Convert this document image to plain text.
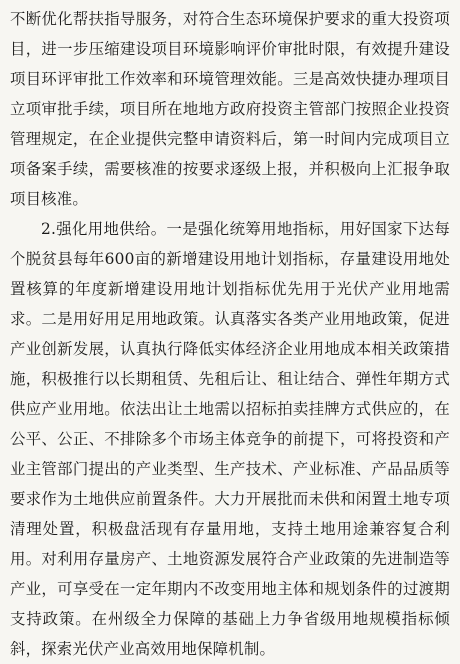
不断优化帮扶指导服务，对符合生态环境保护要求的重大投资项目，进一步压缩建设项目环境影响评价审批时限，有效提升建设项目环评审批工作效率和环境管理效能。三是高效快捷办理项目立项审批手续，项目所在地地方政府投资主管部门按照企业投资管理规定，在企业提供完整申请资料后，第一时间内完成项目立项备案手续，需要核准的按要求逐级上报，并积极向上汇报争取项目核准。

2.强化用地供给。一是强化统筹用地指标，用好国家下达每个脱贫县每年600亩的新增建设用地计划指标，存量建设用地处置核算的年度新增建设用地计划指标优先用于光伏产业用地需求。二是用好用足用地政策。认真落实各类产业用地政策，促进产业创新发展，认真执行降低实体经济企业用地成本相关政策措施，积极推行以长期租赁、先租后让、租让结合、弹性年期方式供应产业用地。依法出让土地需以招标拍卖挂牌方式供应的，在公平、公正、不排除多个市场主体竞争的前提下，可将投资和产业主管部门提出的产业类型、生产技术、产业标准、产品品质等要求作为土地供应前置条件。大力开展批而未供和闲置土地专项清理处置，积极盘活现有存量用地，支持土地用途兼容复合利用。对利用存量房产、土地资源发展符合产业政策的先进制造等产业，可享受在一定年期内不改变用地主体和规划条件的过渡期支持政策。在州级全力保障的基础上力争省级用地规模指标倾斜，探索光伏产业高效用地保障机制。
